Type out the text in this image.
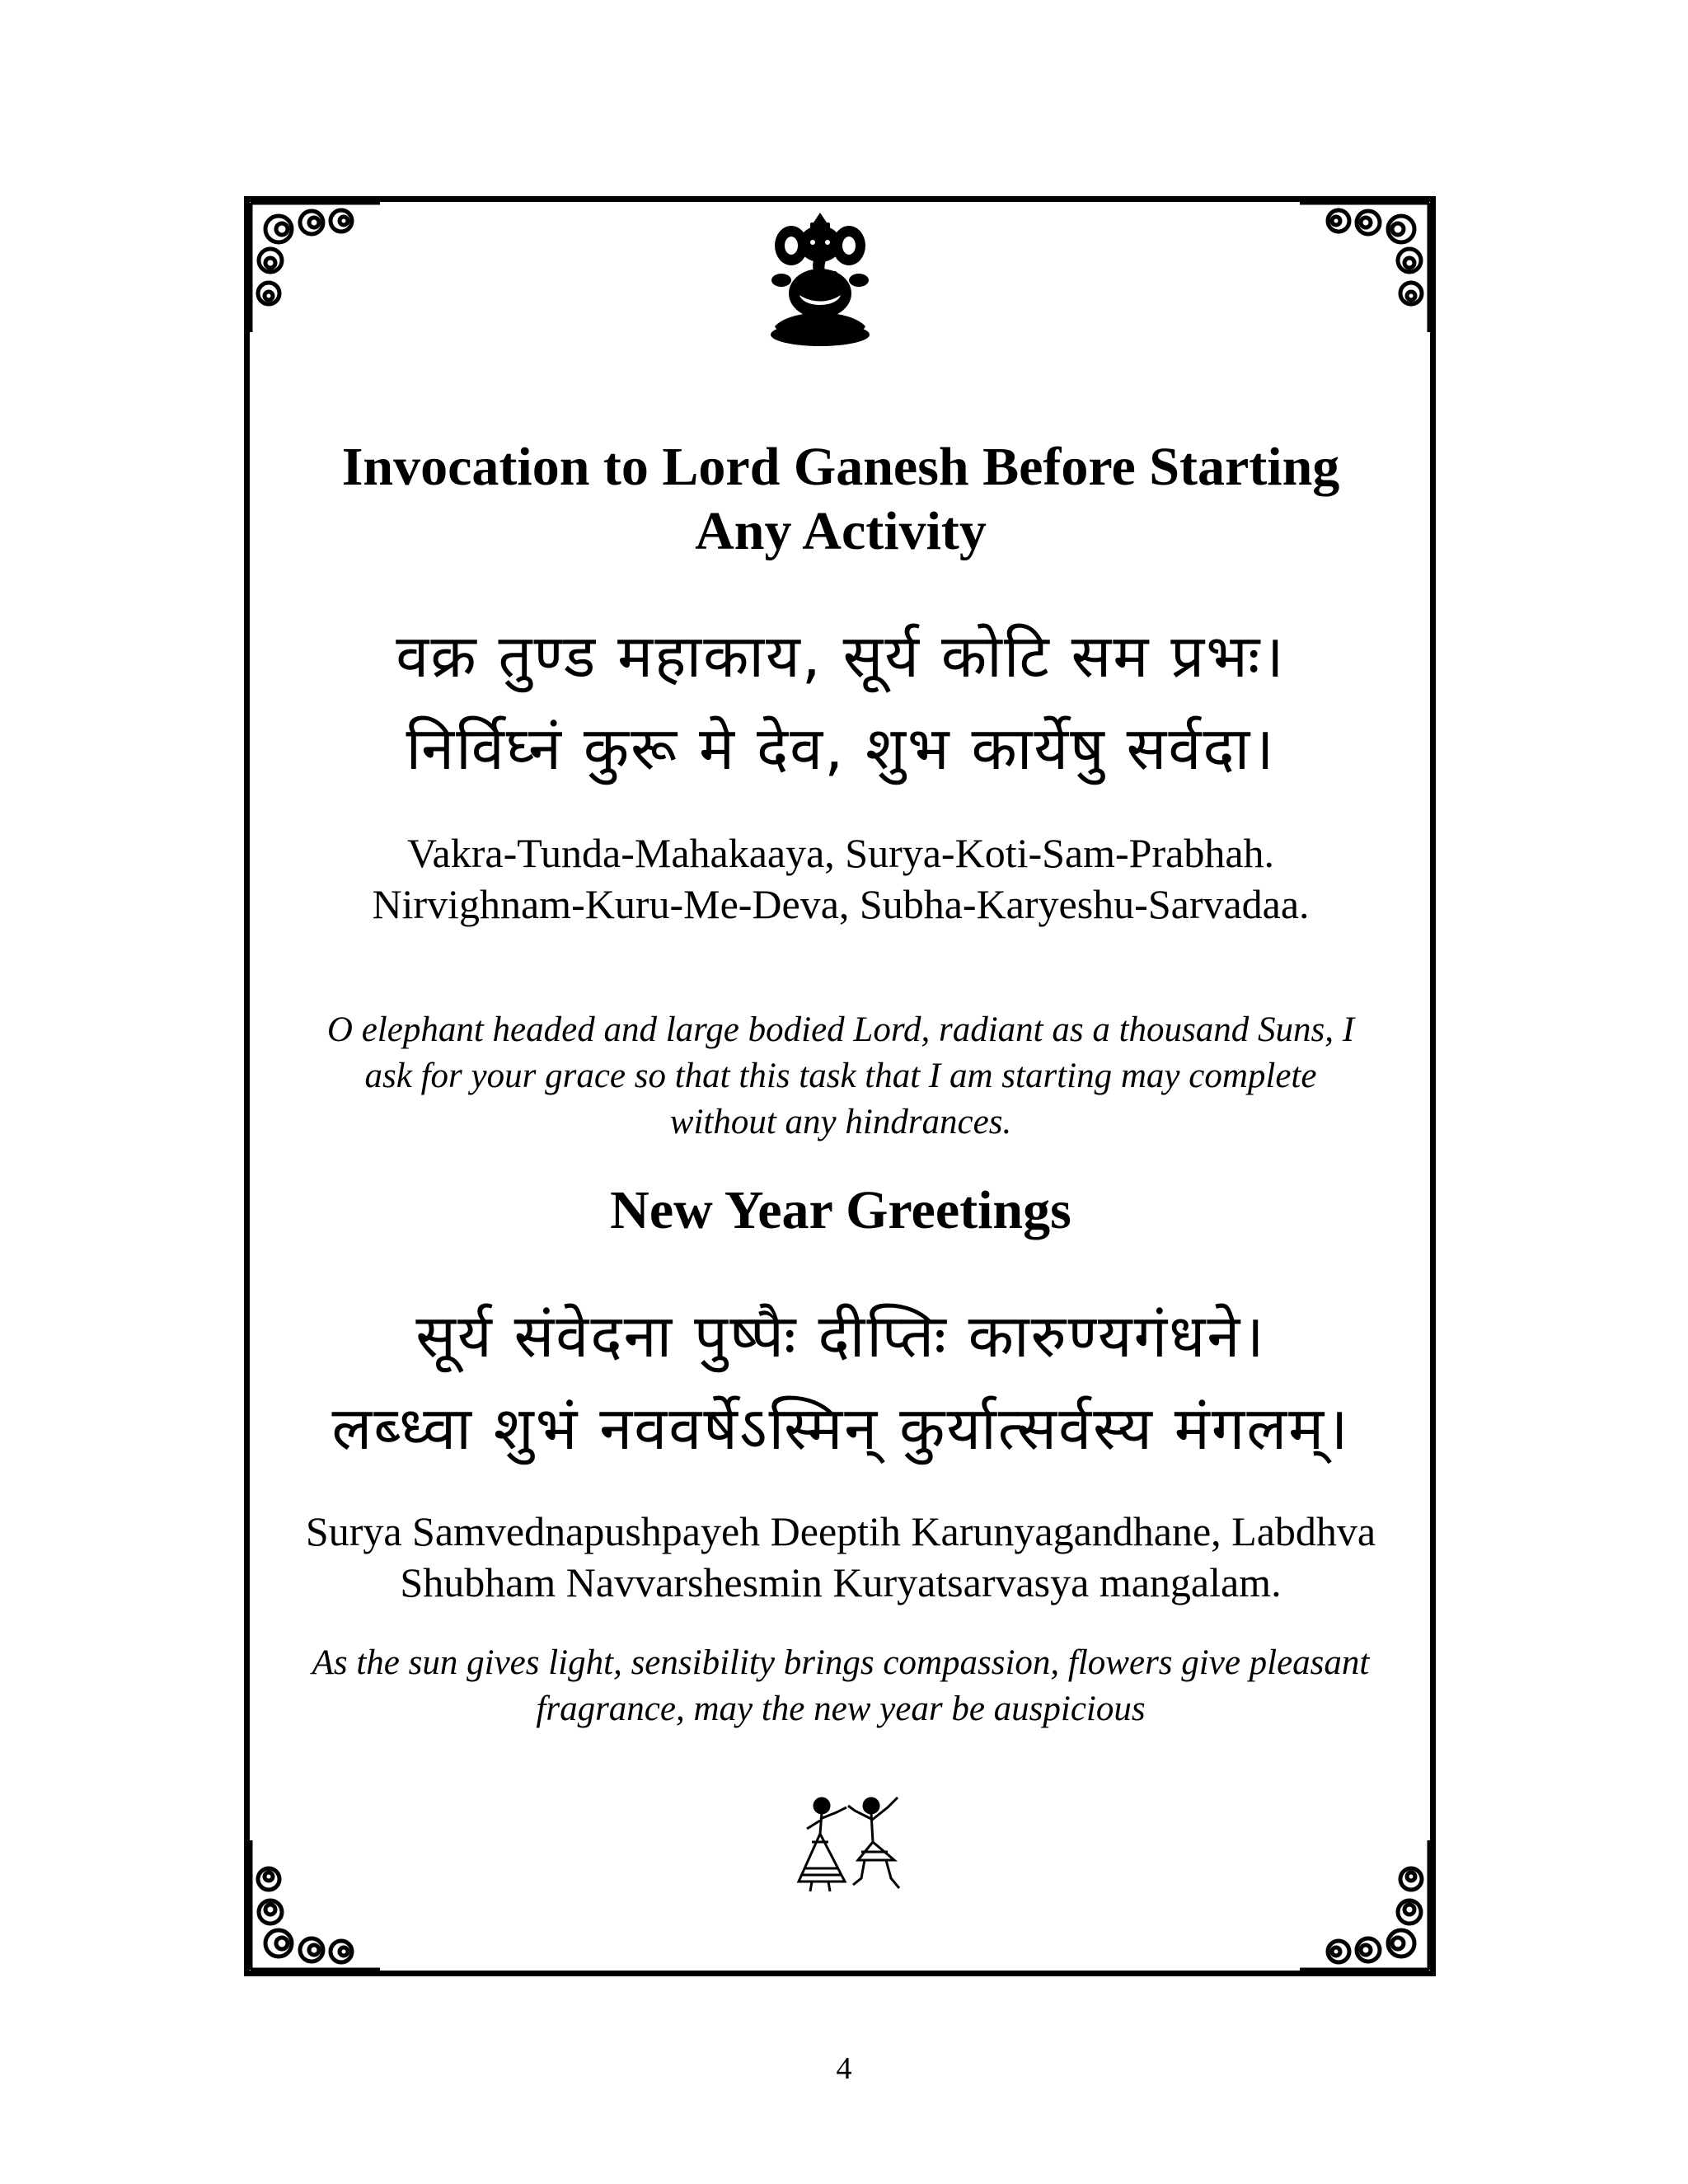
Invocation to Lord Ganesh Before Starting
Any Activity
वक्र तुण्ड महाकाय, सूर्य कोटि सम प्रभः।
निर्विघ्नं कुरू मे देव, शुभ कार्येषु सर्वदा।
Vakra-Tunda-Mahakaaya, Surya-Koti-Sam-Prabhah.
Nirvighnam-Kuru-Me-Deva, Subha-Karyeshu-Sarvadaa.
O elephant headed and large bodied Lord, radiant as a thousand Suns, I
ask for your grace so that this task that I am starting may complete
without any hindrances.
New Year Greetings
सूर्य संवेदना पुष्पैः दीप्तिः कारुण्यगंधने।
लब्ध्वा शुभं नववर्षेऽस्मिन् कुर्यात्सर्वस्य मंगलम्।
Surya Samvednapushpayeh Deeptih Karunyagandhane, Labdhva
Shubham Navvarshesmin Kuryatsarvasya mangalam.
As the sun gives light, sensibility brings compassion, flowers give pleasant
fragrance, may the new year be auspicious
4
